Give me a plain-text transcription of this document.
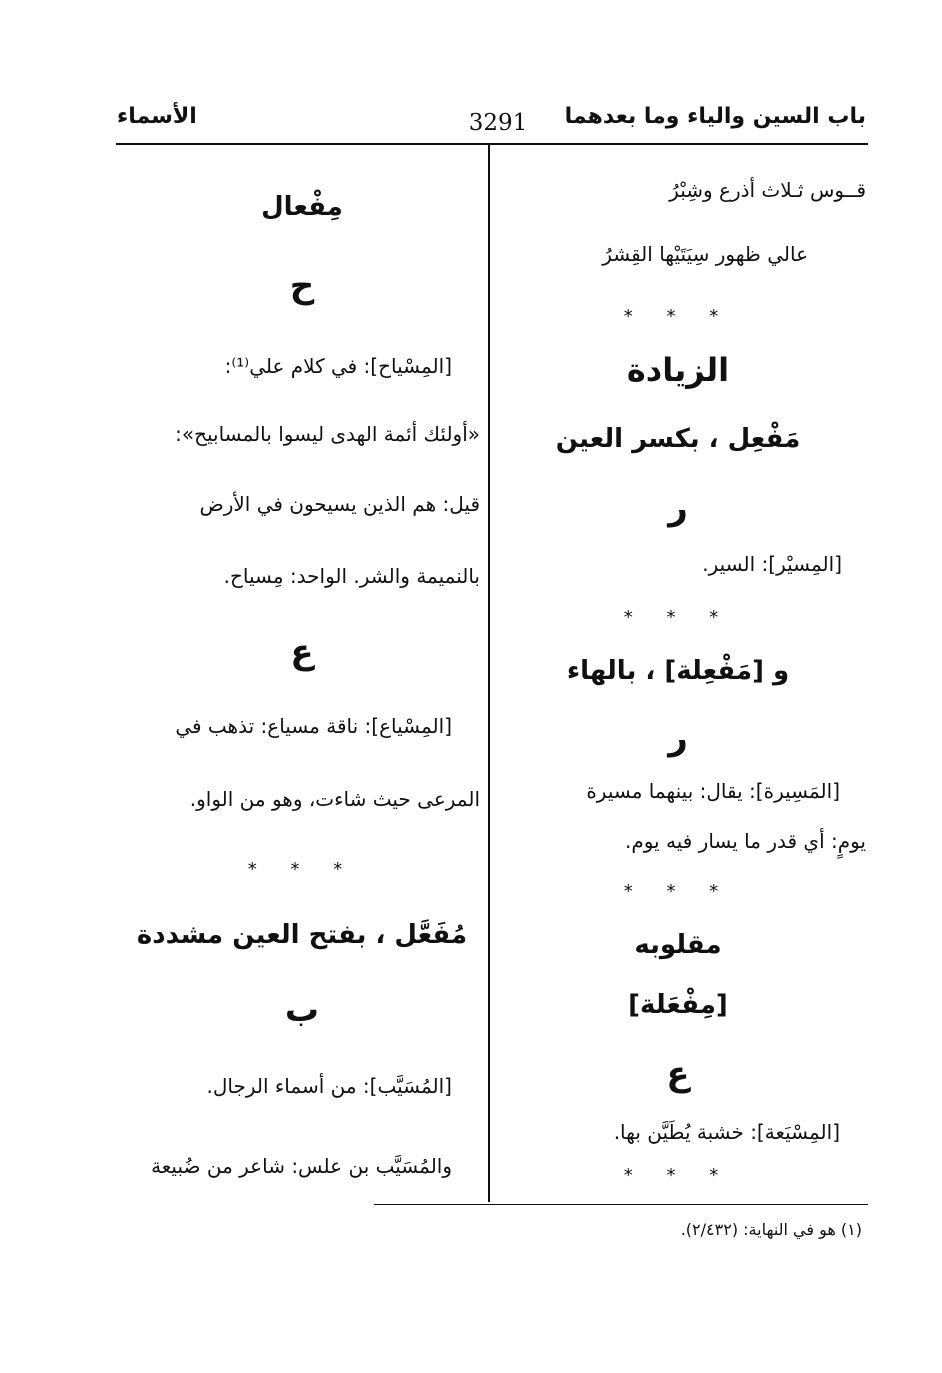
باب السين والياء وما بعدهما
3291
الأسماء
قــوس ثـلاث أذرع وشِبْرُ
عالي ظهور سِيَتَيْها القِشرُ
* * *
الزيادة
مَفْعِل ، بكسر العين
ر
[المِسيْر]: السير.
* * *
و [مَفْعِلة] ، بالهاء
ر
[المَسِيرة]: يقال: بينهما مسيرة
يومٍ: أي قدر ما يسار فيه يوم.
* * *
مقلوبه
[مِفْعَلة]
ع
[المِسْيَعة]: خشبة يُطَيَّن بها.
* * *
مِفْعال
ح
[المِسْياح]: في كلام علي⁽¹⁾:
«أولئك أئمة الهدى ليسوا بالمسابيح»:
قيل: هم الذين يسيحون في الأرض
بالنميمة والشر. الواحد: مِسياح.
ع
[المِسْياع]: ناقة مسياع: تذهب في
المرعى حيث شاءت، وهو من الواو.
* * *
مُفَعَّل ، بفتح العين مشددة
ب
[المُسَيَّب]: من أسماء الرجال.
والمُسَيَّب بن علس: شاعر من ضُبيعة
(١) هو في النهاية: (٢/٤٣٢).
